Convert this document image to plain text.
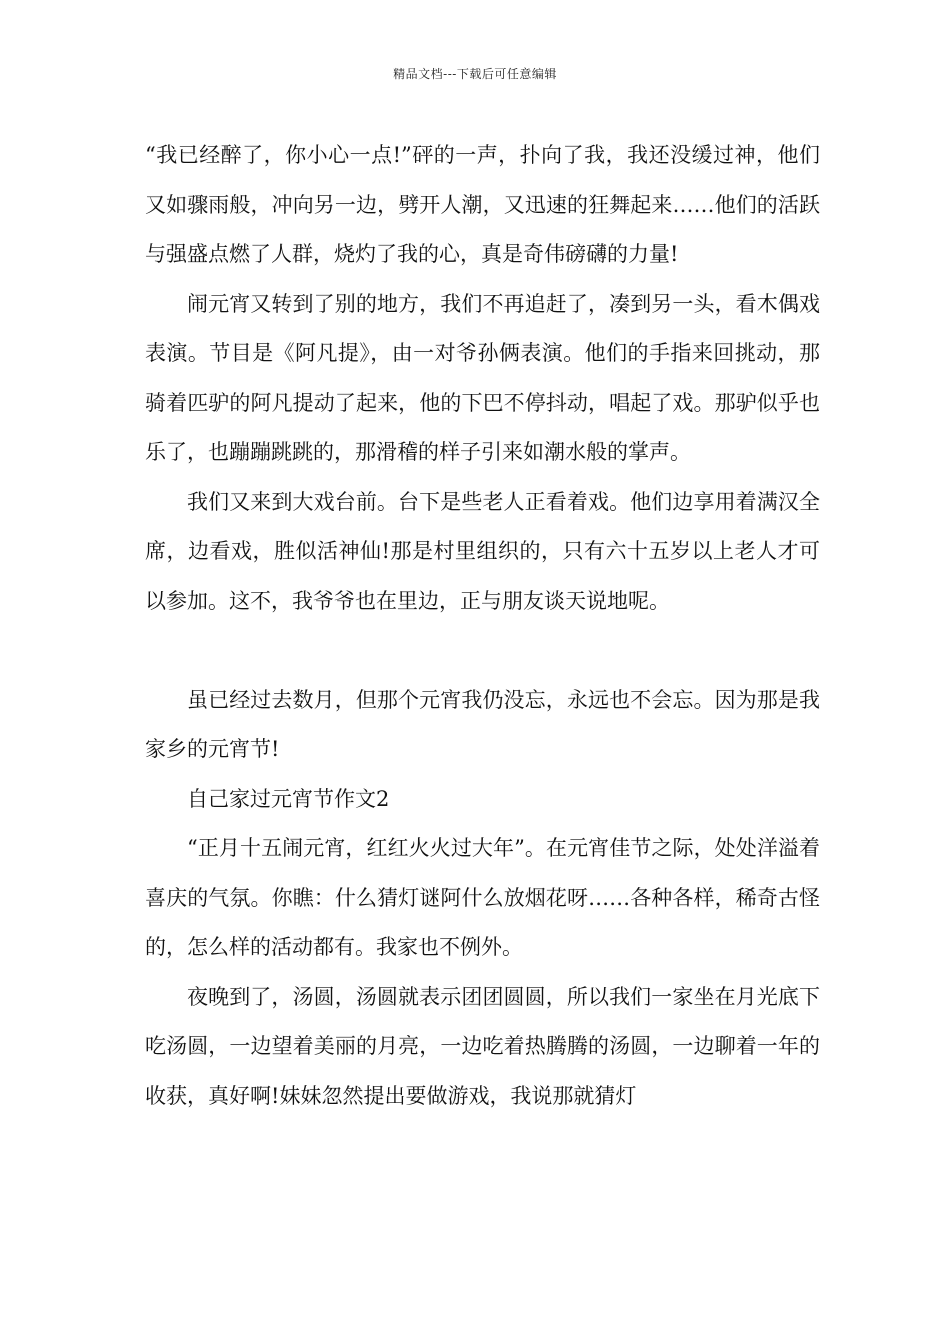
精品文档---下载后可任意编辑

“我已经醉了，你小心一点!”砰的一声，扑向了我，我还没缓过神，他们又如骤雨般，冲向另一边，劈开人潮，又迅速的狂舞起来……他们的活跃与强盛点燃了人群，烧灼了我的心，真是奇伟磅礴的力量!

闹元宵又转到了别的地方，我们不再追赶了，凑到另一头，看木偶戏表演。节目是《阿凡提》，由一对爷孙俩表演。他们的手指来回挑动，那骑着匹驴的阿凡提动了起来，他的下巴不停抖动，唱起了戏。那驴似乎也乐了，也蹦蹦跳跳的，那滑稽的样子引来如潮水般的掌声。

我们又来到大戏台前。台下是些老人正看着戏。他们边享用着满汉全席，边看戏，胜似活神仙!那是村里组织的，只有六十五岁以上老人才可以参加。这不，我爷爷也在里边，正与朋友谈天说地呢。

虽已经过去数月，但那个元宵我仍没忘，永远也不会忘。因为那是我家乡的元宵节!

自己家过元宵节作文2

“正月十五闹元宵，红红火火过大年”。在元宵佳节之际，处处洋溢着喜庆的气氛。你瞧：什么猜灯谜阿什么放烟花呀……各种各样，稀奇古怪的，怎么样的活动都有。我家也不例外。

夜晚到了，汤圆，汤圆就表示团团圆圆，所以我们一家坐在月光底下吃汤圆，一边望着美丽的月亮，一边吃着热腾腾的汤圆，一边聊着一年的收获，真好啊!妹妹忽然提出要做游戏，我说那就猜灯
